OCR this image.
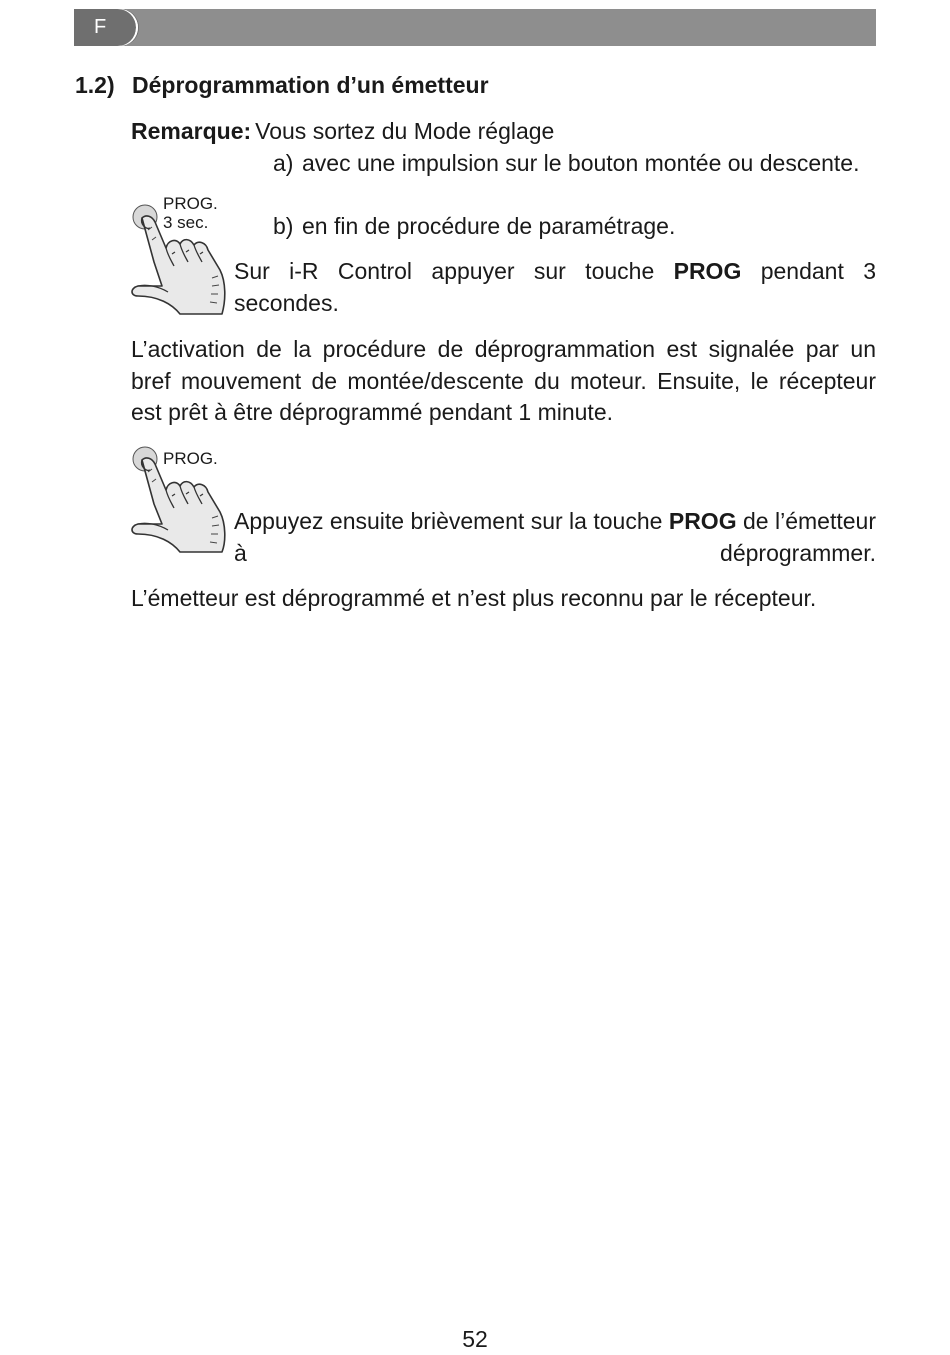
F
1.2) Déprogrammation d’un émetteur
Remarque: Vous sortez du Mode réglage
a) avec une impulsion sur le bouton montée ou descente.
b) en fin de procédure de paramétrage.
PROG.
3 sec.
Sur i-R Control appuyer sur touche PROG pendant 3 secondes.
L’activation de la procédure de déprogrammation est signalée par un bref mouvement de montée/descente du moteur. Ensuite, le récepteur est prêt à être déprogrammé pendant 1 minute.
PROG.
Appuyez ensuite brièvement sur la touche PROG de l’émetteur à déprogrammer.
L’émetteur est déprogrammé et n’est plus reconnu par le récepteur.
52
